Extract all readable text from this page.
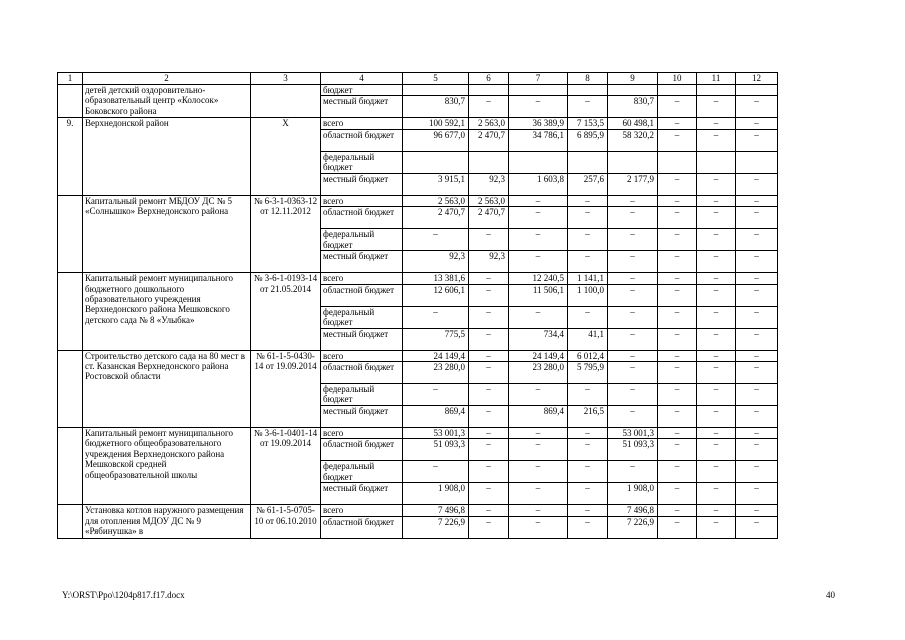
1	2	3	4	5	6	7	8	9	10	11	12
	детей детский оздоровительно-образовательный центр «Колосок» Боковского района		бюджет								
			местный бюджет	830,7	–	–	–	830,7	–	–	–
9.	Верхнедонской район	Х	всего	100 592,1	2 563,0	36 389,9	7 153,5	60 498,1	–	–	–
			областной бюджет	96 677,0	2 470,7	34 786,1	6 895,9	58 320,2	–	–	–
			федеральный бюджет								
			местный бюджет	3 915,1	92,3	1 603,8	257,6	2 177,9	–	–	–
	Капитальный ремонт МБДОУ ДС № 5 «Солнышко» Верхнедонского района	№ 6-3-1-0363-12 от 12.11.2012	всего	2 563,0	2 563,0	–	–	–	–	–	–
			областной бюджет	2 470,7	2 470,7	–	–	–	–	–	–
			федеральный бюджет	–	–	–	–	–	–	–	–
			местный бюджет	92,3	92,3	–	–	–	–	–	–
	Капитальный ремонт муниципального бюджетного дошкольного образовательного учреждения Верхнедонского района Мешковского детского сада № 8 «Улыбка»	№ 3-6-1-0193-14 от 21.05.2014	всего	13 381,6	–	12 240,5	1 141,1	–	–	–	–
			областной бюджет	12 606,1	–	11 506,1	1 100,0	–	–	–	–
			федеральный бюджет	–	–	–	–	–	–	–	–
			местный бюджет	775,5	–	734,4	41,1	–	–	–	–
	Строительство детского сада на 80 мест в ст. Казанская Верхнедонского района Ростовской области	№ 61-1-5-0430-14 от 19.09.2014	всего	24 149,4	–	24 149,4	6 012,4	–	–	–	–
			областной бюджет	23 280,0	–	23 280,0	5 795,9	–	–	–	–
			федеральный бюджет	–	–	–	–	–	–	–	–
			местный бюджет	869,4	–	869,4	216,5	–	–	–	–
	Капитальный ремонт муниципального бюджетного общеобразовательного учреждения Верхнедонского района Мешковской средней общеобразовательной школы	№ 3-6-1-0401-14 от 19.09.2014	всего	53 001,3	–	–	–	53 001,3	–	–	–
			областной бюджет	51 093,3	–	–	–	51 093,3	–	–	–
			федеральный бюджет	–	–	–	–	–	–	–	–
			местный бюджет	1 908,0	–	–	–	1 908,0	–	–	–
	Установка котлов наружного размещения для отопления МДОУ ДС № 9 «Рябинушка» в	№ 61-1-5-0705-10 от 06.10.2010	всего	7 496,8	–	–	–	7 496,8	–	–	–
			областной бюджет	7 226,9	–	–	–	7 226,9	–	–	–
Y:\ORST\Ppo\1204p817.f17.docx	40
